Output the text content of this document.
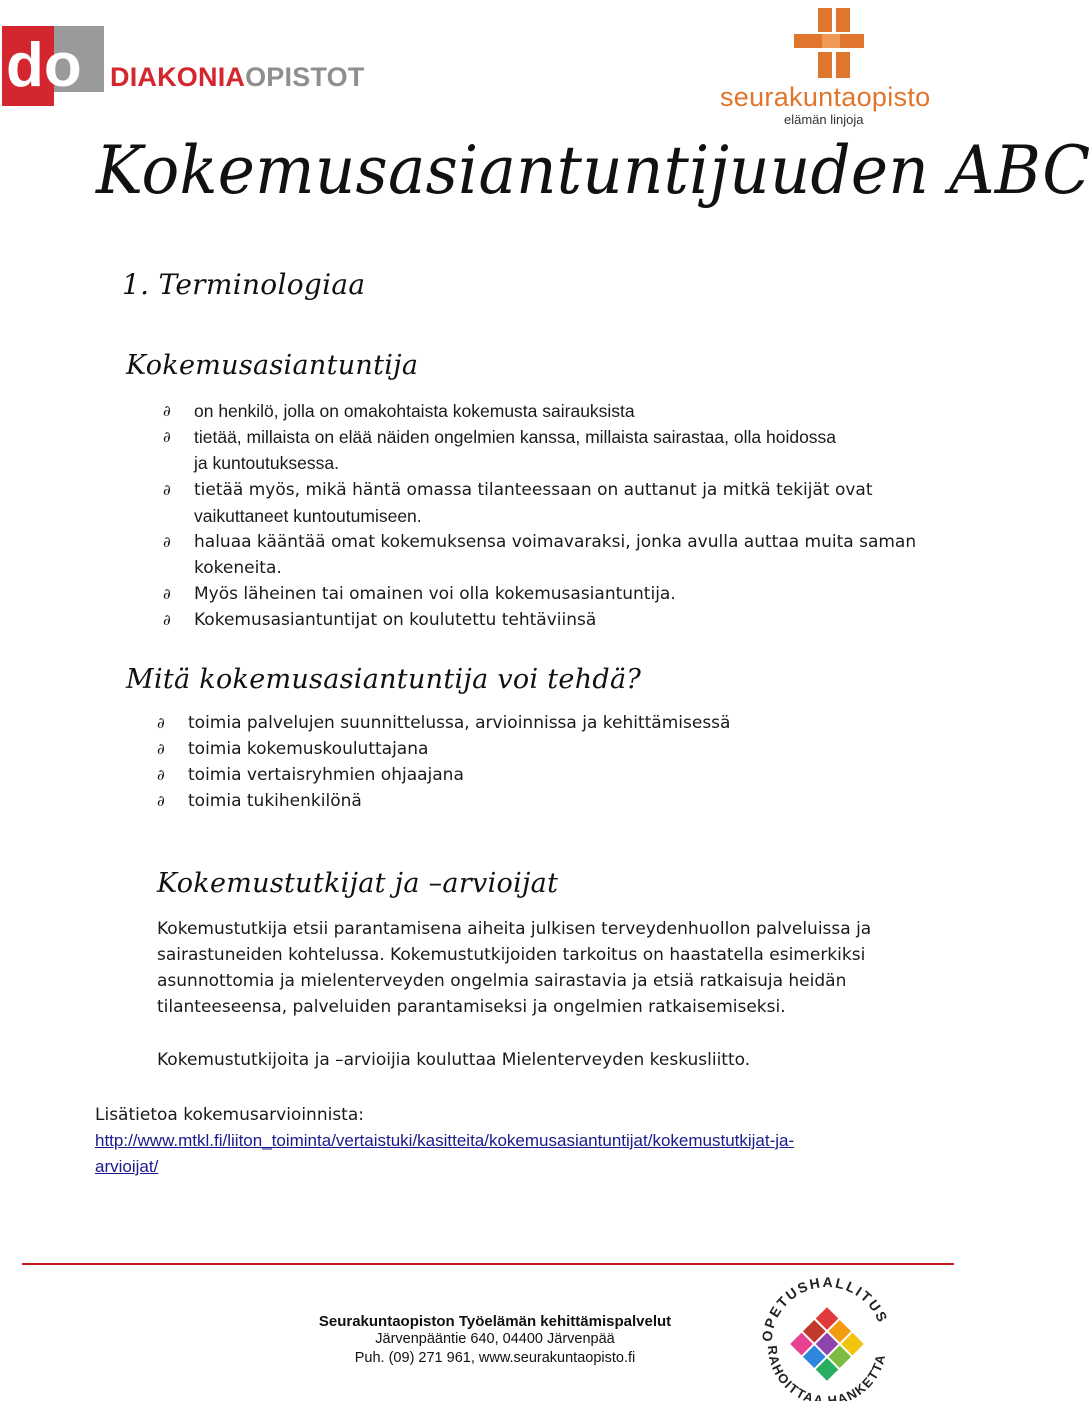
do DIAKONIAOPISTOT
seurakuntaopisto
elämän linjoja
Kokemusasiantuntijuuden ABC
1. Terminologiaa
Kokemusasiantuntija
∂ on henkilö, jolla on omakohtaista kokemusta sairauksista
∂ tietää, millaista on elää näiden ongelmien kanssa, millaista sairastaa, olla hoidossa
ja kuntoutuksessa.
∂ tietää myös, mikä häntä omassa tilanteessaan on auttanut ja mitkä tekijät ovat
vaikuttaneet kuntoutumiseen.
∂ haluaa kääntää omat kokemuksensa voimavaraksi, jonka avulla auttaa muita saman
kokeneita.
∂ Myös läheinen tai omainen voi olla kokemusasiantuntija.
∂ Kokemusasiantuntijat on koulutettu tehtäviinsä
Mitä kokemusasiantuntija voi tehdä?
∂ toimia palvelujen suunnittelussa, arvioinnissa ja kehittämisessä
∂ toimia kokemuskouluttajana
∂ toimia vertaisryhmien ohjaajana
∂ toimia tukihenkilönä
Kokemustutkijat ja –arvioijat
Kokemustutkija etsii parantamisena aiheita julkisen terveydenhuollon palveluissa ja
sairastuneiden kohtelussa. Kokemustutkijoiden tarkoitus on haastatella esimerkiksi
asunnottomia ja mielenterveyden ongelmia sairastavia ja etsiä ratkaisuja heidän
tilanteeseensa, palveluiden parantamiseksi ja ongelmien ratkaisemiseksi.
Kokemustutkijoita ja –arvioijia kouluttaa Mielenterveyden keskusliitto.
Lisätietoa kokemusarvioinnista:
http://www.mtkl.fi/liiton_toiminta/vertaistuki/kasitteita/kokemusasiantuntijat/kokemustutkijat-ja-
arvioijat/
Seurakuntaopiston Työelämän kehittämispalvelut
Järvenpääntie 640, 04400 Järvenpää
Puh. (09) 271 961, www.seurakuntaopisto.fi
OPETUSHALLITUS
RAHOITTAA HANKETTA
